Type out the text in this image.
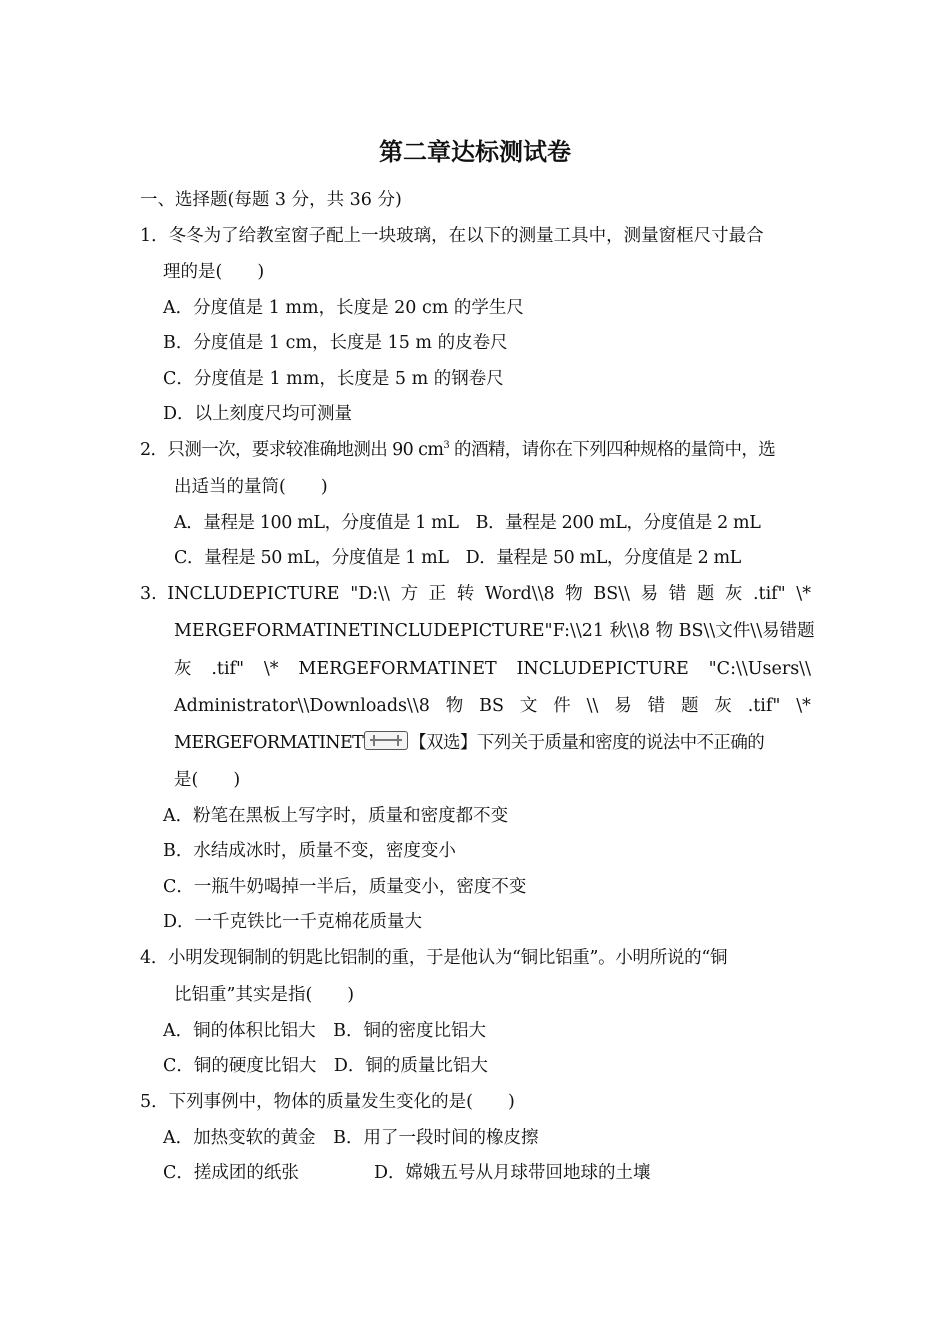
第二章达标测试卷
一、选择题(每题 3 分，共 36 分)
1．冬冬为了给教室窗子配上一块玻璃，在以下的测量工具中，测量窗框尺寸最合
理的是(　　)
A．分度值是 1 mm，长度是 20 cm 的学生尺
B．分度值是 1 cm，长度是 15 m 的皮卷尺
C．分度值是 1 mm，长度是 5 m 的钢卷尺
D．以上刻度尺均可测量
2．只测一次，要求较准确地测出 90 $cm^3$ 的酒精，请你在下列四种规格的量筒中，选
出适当的量筒(　　)
A．量程是 100 mL，分度值是 1 mL　B．量程是 200 mL，分度值是 2 mL
C．量程是 50 mL，分度值是 1 mL　D．量程是 50 mL，分度值是 2 mL
3. INCLUDEPICTURE "D:\\ 方 正 转 Word\\8 物 BS\\ 易 错 题 灰 .tif" \*
MERGEFORMATINET INCLUDEPICTURE "F:\\21 秋\\8 物 BS\\文件\\易错题
灰 .tif" \* MERGEFORMATINET INCLUDEPICTURE "C:\\Users\\
Administrator\\Downloads\\8 物 BS 文 件 \\ 易 错 题 灰 .tif" \*
MERGEFORMATINET	【双选】下列关于质量和密度的说法中不正确的
是(　　)
A．粉笔在黑板上写字时，质量和密度都不变
B．水结成冰时，质量不变，密度变小
C．一瓶牛奶喝掉一半后，质量变小，密度不变
D．一千克铁比一千克棉花质量大
4．小明发现铜制的钥匙比铝制的重，于是他认为“铜比铝重”。小明所说的“铜
比铝重”其实是指(　　)
A．铜的体积比铝大　B．铜的密度比铝大
C．铜的硬度比铝大　D．铜的质量比铝大
5．下列事例中，物体的质量发生变化的是(　　)
A．加热变软的黄金　B．用了一段时间的橡皮擦
C．搓成团的纸张	D．嫦娥五号从月球带回地球的土壤
